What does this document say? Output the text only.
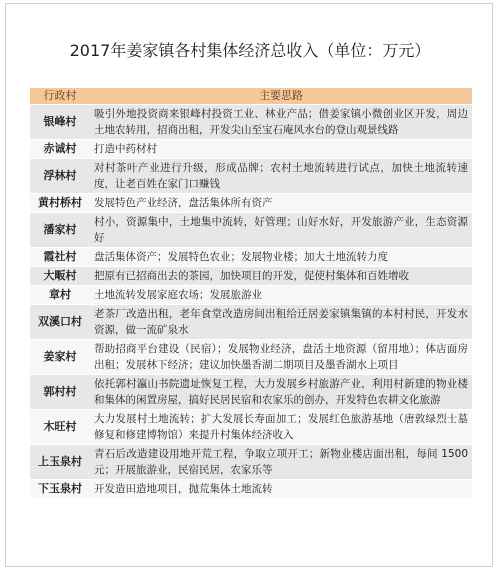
2017年姜家镇各村集体经济总收入（单位：万元）
行政村	主要思路
银峰村	吸引外地投资商来银峰村投资工业、林业产品；借姜家镇小微创业区开发，周边土地农转用，招商出租，开发尖山至宝石庵风水台的登山观景线路
赤诚村	打造中药材村
浮林村	对村茶叶产业进行升级，形成品牌；农村土地流转进行试点，加快土地流转速度，让老百姓在家门口赚钱
黄村桥村	发展特色产业经济，盘活集体所有资产
潘家村	村小，资源集中，土地集中流转，好管理；山好水好，开发旅游产业，生态资源好
霞社村	盘活集体资产；发展特色农业；发展物业楼；加大土地流转力度
大畈村	把原有已招商出去的茶园，加快项目的开发，促使村集体和百姓增收
章村	土地流转发展家庭农场；发展旅游业
双溪口村	老茶厂改造出租，老年食堂改造房间出租给迁居姜家镇集镇的本村村民，开发水资源，做一流矿泉水
姜家村	帮助招商平台建设（民宿）；发展物业经济，盘活土地资源（留用地）；体店面房出租；发展林下经济；建议加快墨香湖二期项目及墨香湖水上项目
郭村村	依托郭村瀛山书院遗址恢复工程，大力发展乡村旅游产业，利用村新建的物业楼和集体的闲置房屋，搞好民居民宿和农家乐的创办，开发特色农耕文化旅游
木旺村	大力发展村土地流转；扩大发展长寿面加工；发展红色旅游基地（唐敦绿烈士墓修复和修建博物馆）来提升村集体经济收入
上玉泉村	青石后改造建设用地开荒工程，争取立项开工；新物业楼店面出租，每间 1500 元；开展旅游业，民宿民居，农家乐等
下玉泉村	开发造田造地项目，抛荒集体土地流转
